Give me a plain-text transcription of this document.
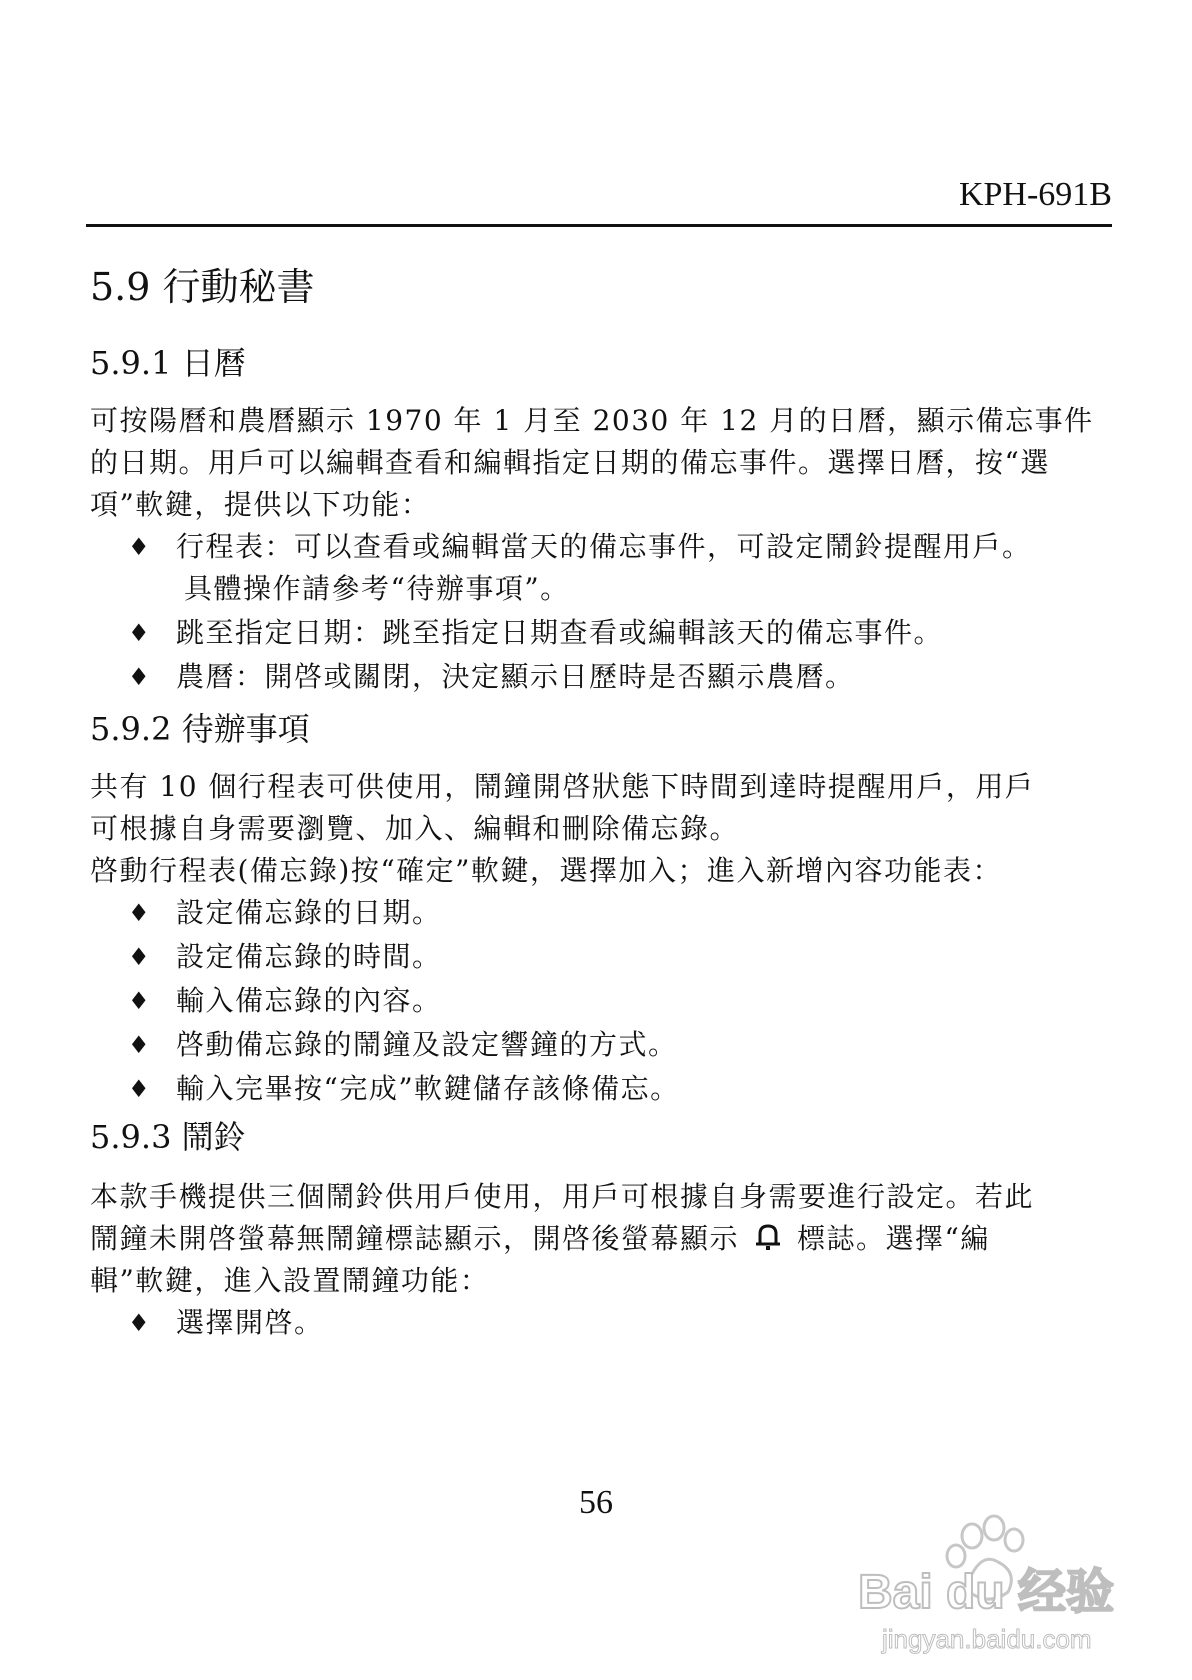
KPH-691B
5.9 行動秘書
5.9.1 日曆

可按陽曆和農曆顯示 1970 年 1 月至 2030 年 12 月的日曆，顯示備忘事件

的日期。用戶可以編輯查看和編輯指定日期的備忘事件。選擇日曆，按“選

項”軟鍵，提供以下功能：

♦ 行程表：可以查看或編輯當天的備忘事件，可設定鬧鈴提醒用戶。
具體操作請參考“待辦事項”。
♦ 跳至指定日期：跳至指定日期查看或編輯該天的備忘事件。
♦ 農曆：開啓或關閉，決定顯示日歷時是否顯示農曆。
5.9.2 待辦事項

共有 10 個行程表可供使用，鬧鐘開啓狀態下時間到達時提醒用戶，用戶

可根據自身需要瀏覽、加入、編輯和刪除備忘錄。

啓動行程表(備忘錄)按“確定”軟鍵，選擇加入；進入新增內容功能表：

♦ 設定備忘錄的日期。
♦ 設定備忘錄的時間。
♦ 輸入備忘錄的內容。
♦ 啓動備忘錄的鬧鐘及設定響鐘的方式。
♦ 輸入完畢按“完成”軟鍵儲存該條備忘。
5.9.3 鬧鈴

本款手機提供三個鬧鈴供用戶使用，用戶可根據自身需要進行設定。若此

鬧鐘未開啓螢幕無鬧鐘標誌顯示，開啓後螢幕顯示 標誌。選擇“編

輯”軟鍵，進入設置鬧鐘功能：

♦ 選擇開啓。
56
Bai du 经验
jingyan.baidu.com
